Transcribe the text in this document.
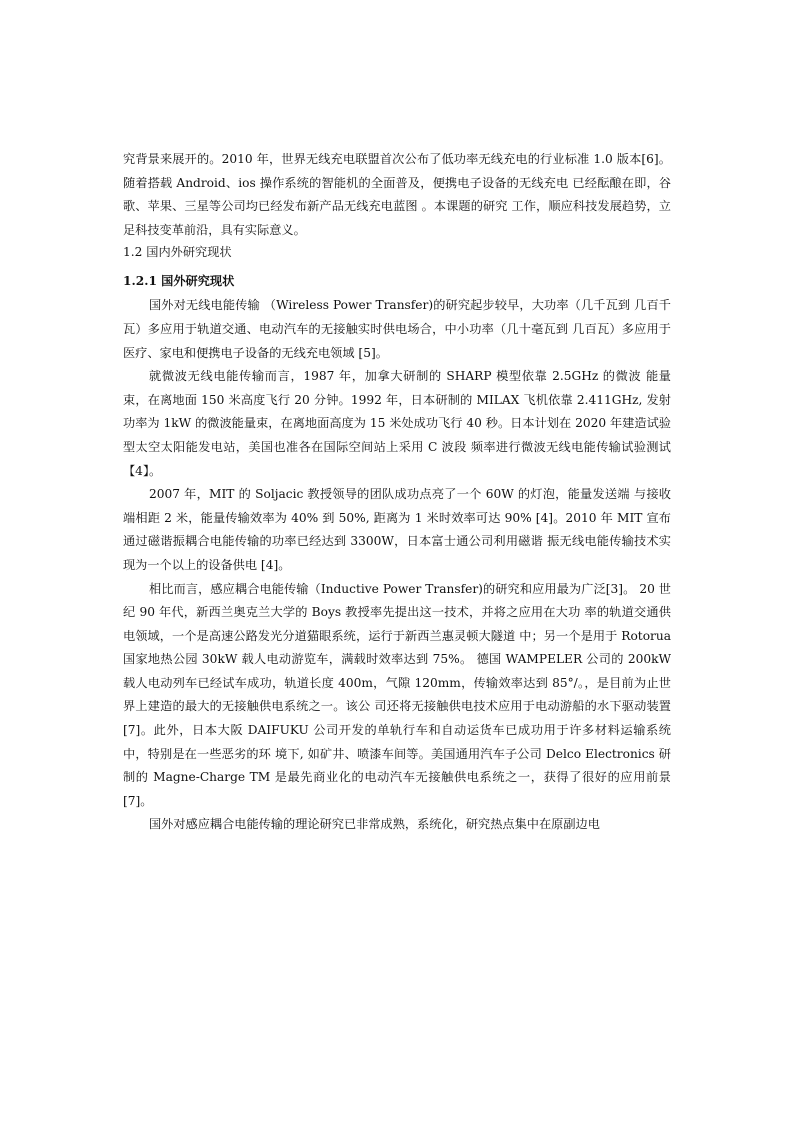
究背景来展开的。2010 年，世界无线充电联盟首次公布了低功率无线充电的行业标准 1.0 版本[6]。随着搭载 Android、ios 操作系统的智能机的全面普及，便携电子设备的无线充电 已经酝酿在即，谷歌、苹果、三星等公司均已经发布新产品无线充电蓝图 。本课题的研究 工作，顺应科技发展趋势，立足科技变革前沿，具有实际意义。

1.2 国内外研究现状

1.2.1 国外研究现状

国外对无线电能传输 （Wireless Power Transfer)的研究起步较早，大功率（几千瓦到 几百千瓦）多应用于轨道交通、电动汽车的无接触实时供电场合，中小功率（几十毫瓦到 几百瓦）多应用于医疗、家电和便携电子设备的无线充电领域 [5]。

就微波无线电能传输而言，1987 年，加拿大研制的 SHARP 模型依靠 2.5GHz 的微波 能量束，在离地面 150 米高度飞行 20 分钟。1992 年，日本研制的 MILAX 飞机依靠 2.411GHz, 发射功率为 1kW 的微波能量束，在离地面高度为 15 米处成功飞行 40 秒。日本计划在 2020 年建造试验型太空太阳能发电站，美国也准各在国际空间站上采用 C 波段 频率进行微波无线电能传输试验测试【4】。

2007 年，MIT 的 Soljacic 教授领导的团队成功点亮了一个 60W 的灯泡，能量发送端 与接收端相距 2 米，能量传输效率为 40% 到 50%, 距离为 1 米时效率可达 90% [4]。2010 年 MIT 宣布通过磁谐振耦合电能传输的功率已经达到 3300W，日本富士通公司利用磁谐 振无线电能传输技术实现为一个以上的设备供电 [4]。

相比而言，感应耦合电能传输（Inductive Power Transfer)的研究和应用最为广泛[3]。 20 世纪 90 年代，新西兰奥克兰大学的 Boys 教授率先提出这一技术，并将之应用在大功 率的轨道交通供电领域，一个是高速公路发光分道猫眼系统，运行于新西兰惠灵顿大隧道 中；另一个是用于 Rotorua 国家地热公园 30kW 载人电动游览车，满载时效率达到 75%。 德国 WAMPELER 公司的 200kW 载人电动列车已经试车成功，轨道长度 400m，气隙 120mm，传输效率达到 85°/。，是目前为止世界上建造的最大的无接触供电系统之一。该公 司还将无接触供电技术应用于电动游船的水下驱动装置[7]。此外，日本大阪 DAIFUKU 公司开发的单轨行车和自动运货车已成功用于许多材料运输系统中，特别是在一些恶劣的环 境下, 如矿井、喷漆车间等。美国通用汽车子公司 Delco Electronics 研制的 Magne-Charge TM 是最先商业化的电动汽车无接触供电系统之一，获得了很好的应用前景 [7]。

国外对感应耦合电能传输的理论研究已非常成熟，系统化，研究热点集中在原副边电
